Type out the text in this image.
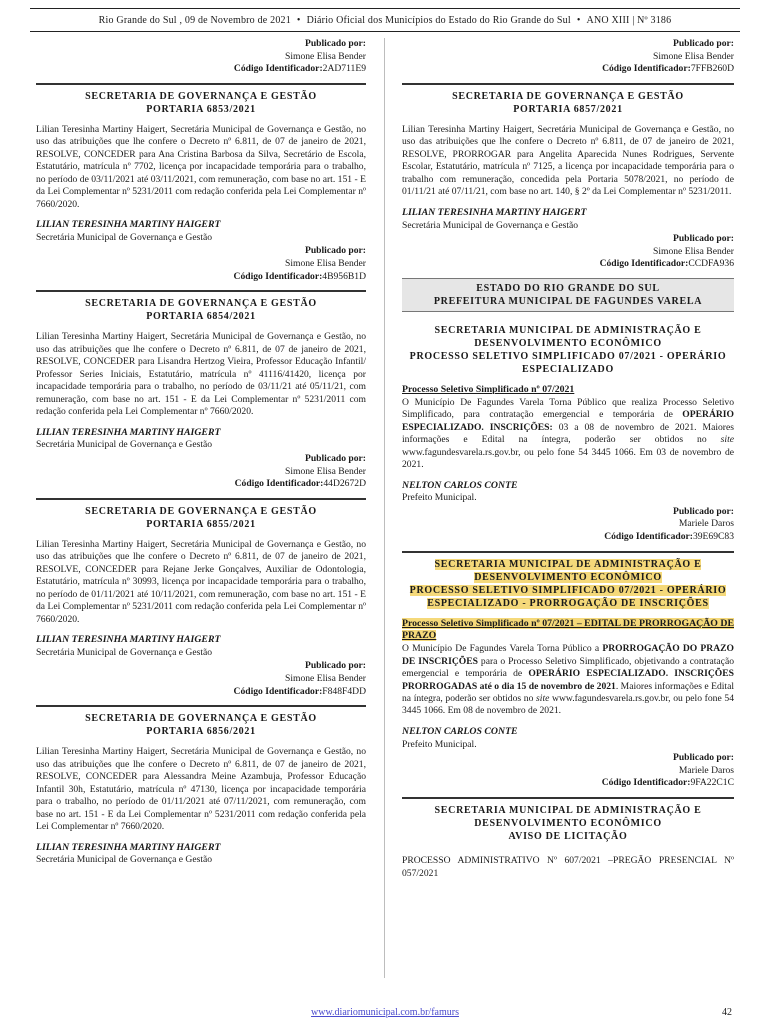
Rio Grande do Sul , 09 de Novembro de 2021 • Diário Oficial dos Municípios do Estado do Rio Grande do Sul • ANO XIII | Nº 3186
Publicado por:
Simone Elisa Bender
Código Identificador:2AD711E9
SECRETARIA DE GOVERNANÇA E GESTÃO
PORTARIA 6853/2021

Lilian Teresinha Martiny Haigert, Secretária Municipal de Governança e Gestão, no uso das atribuições que lhe confere o Decreto nº 6.811, de 07 de janeiro de 2021, RESOLVE, CONCEDER para Ana Cristina Barbosa da Silva, Secretário de Escola, Estatutário, matrícula nº 7702, licença por incapacidade temporária para o trabalho, no período de 03/11/2021 até 03/11/2021, com remuneração, com base no art. 151 - E da Lei Complementar nº 5231/2011 com redação conferida pela Lei Complementar nº 7660/2020.

LILIAN TERESINHA MARTINY HAIGERT
Secretária Municipal de Governança e Gestão
Publicado por:
Simone Elisa Bender
Código Identificador:4B956B1D
SECRETARIA DE GOVERNANÇA E GESTÃO
PORTARIA 6854/2021

Lilian Teresinha Martiny Haigert, Secretária Municipal de Governança e Gestão, no uso das atribuições que lhe confere o Decreto nº 6.811, de 07 de janeiro de 2021, RESOLVE, CONCEDER para Lisandra Hertzog Vieira, Professor Educação Infantil/ Professor Series Iniciais, Estatutário, matrícula nº 41116/41420, licença por incapacidade temporária para o trabalho, no período de 03/11/21 até 05/11/21, com remuneração, com base no art. 151 - E da Lei Complementar nº 5231/2011 com redação conferida pela Lei Complementar nº 7660/2020.

LILIAN TERESINHA MARTINY HAIGERT
Secretária Municipal de Governança e Gestão
Publicado por:
Simone Elisa Bender
Código Identificador:44D2672D
SECRETARIA DE GOVERNANÇA E GESTÃO
PORTARIA 6855/2021

Lilian Teresinha Martiny Haigert, Secretária Municipal de Governança e Gestão, no uso das atribuições que lhe confere o Decreto nº 6.811, de 07 de janeiro de 2021, RESOLVE, CONCEDER para Rejane Jerke Gonçalves, Auxiliar de Odontologia, Estatutário, matrícula nº 30993, licença por incapacidade temporária para o trabalho, no período de 01/11/2021 até 10/11/2021, com remuneração, com base no art. 151 - E da Lei Complementar nº 5231/2011 com redação conferida pela Lei Complementar nº 7660/2020.

LILIAN TERESINHA MARTINY HAIGERT
Secretária Municipal de Governança e Gestão
Publicado por:
Simone Elisa Bender
Código Identificador:F848F4DD
SECRETARIA DE GOVERNANÇA E GESTÃO
PORTARIA 6856/2021

Lilian Teresinha Martiny Haigert, Secretária Municipal de Governança e Gestão, no uso das atribuições que lhe confere o Decreto nº 6.811, de 07 de janeiro de 2021, RESOLVE, CONCEDER para Alessandra Meine Azambuja, Professor Educação Infantil 30h, Estatutário, matrícula nº 47130, licença por incapacidade temporária para o trabalho, no período de 01/11/2021 até 07/11/2021, com remuneração, com base no art. 151 - E da Lei Complementar nº 5231/2011 com redação conferida pela Lei Complementar nº 7660/2020.

LILIAN TERESINHA MARTINY HAIGERT
Secretária Municipal de Governança e Gestão
Publicado por:
Simone Elisa Bender
Código Identificador:7FFB260D
SECRETARIA DE GOVERNANÇA E GESTÃO
PORTARIA 6857/2021

Lilian Teresinha Martiny Haigert, Secretária Municipal de Governança e Gestão, no uso das atribuições que lhe confere o Decreto nº 6.811, de 07 de janeiro de 2021, RESOLVE, PRORROGAR para Angelita Aparecida Nunes Rodrigues, Servente Escolar, Estatutário, matrícula nº 7125, a licença por incapacidade temporária para o trabalho com remuneração, concedida pela Portaria 5078/2021, no período de 01/11/21 até 07/11/21, com base no art. 140, § 2º da Lei Complementar nº 5231/2011.

LILIAN TERESINHA MARTINY HAIGERT
Secretária Municipal de Governança e Gestão
Publicado por:
Simone Elisa Bender
Código Identificador:CCDFA936
ESTADO DO RIO GRANDE DO SUL
PREFEITURA MUNICIPAL DE FAGUNDES VARELA
SECRETARIA MUNICIPAL DE ADMINISTRAÇÃO E DESENVOLVIMENTO ECONÔMICO
PROCESSO SELETIVO SIMPLIFICADO 07/2021 - OPERÁRIO ESPECIALIZADO

Processo Seletivo Simplificado nº 07/2021
O Município De Fagundes Varela Torna Público que realiza Processo Seletivo Simplificado, para contratação emergencial e temporária de OPERÁRIO ESPECIALIZADO. INSCRIÇÕES: 03 a 08 de novembro de 2021. Maiores informações e Edital na íntegra, poderão ser obtidos no site www.fagundesvarela.rs.gov.br, ou pelo fone 54 3445 1066. Em 03 de novembro de 2021.

NELTON CARLOS CONTE
Prefeito Municipal.
Publicado por:
Mariele Daros
Código Identificador:39E69C83
SECRETARIA MUNICIPAL DE ADMINISTRAÇÃO E DESENVOLVIMENTO ECONÔMICO
PROCESSO SELETIVO SIMPLIFICADO 07/2021 - OPERÁRIO ESPECIALIZADO - PRORROGAÇÃO DE INSCRIÇÕES

Processo Seletivo Simplificado nº 07/2021 – EDITAL DE PRORROGAÇÃO DE PRAZO
O Município De Fagundes Varela Torna Público a PRORROGAÇÃO DO PRAZO DE INSCRIÇÕES para o Processo Seletivo Simplificado, objetivando a contratação emergencial e temporária de OPERÁRIO ESPECIALIZADO. INSCRIÇÕES PRORROGADAS até o dia 15 de novembro de 2021. Maiores informações e Edital na íntegra, poderão ser obtidos no site www.fagundesvarela.rs.gov.br, ou pelo fone 54 3445 1066. Em 08 de novembro de 2021.

NELTON CARLOS CONTE
Prefeito Municipal.
Publicado por:
Mariele Daros
Código Identificador:9FA22C1C
SECRETARIA MUNICIPAL DE ADMINISTRAÇÃO E DESENVOLVIMENTO ECONÔMICO
AVISO DE LICITAÇÃO

PROCESSO ADMINISTRATIVO Nº 607/2021 –PREGÃO PRESENCIAL Nº 057/2021

www.diariomunicipal.com.br/famurs	42
